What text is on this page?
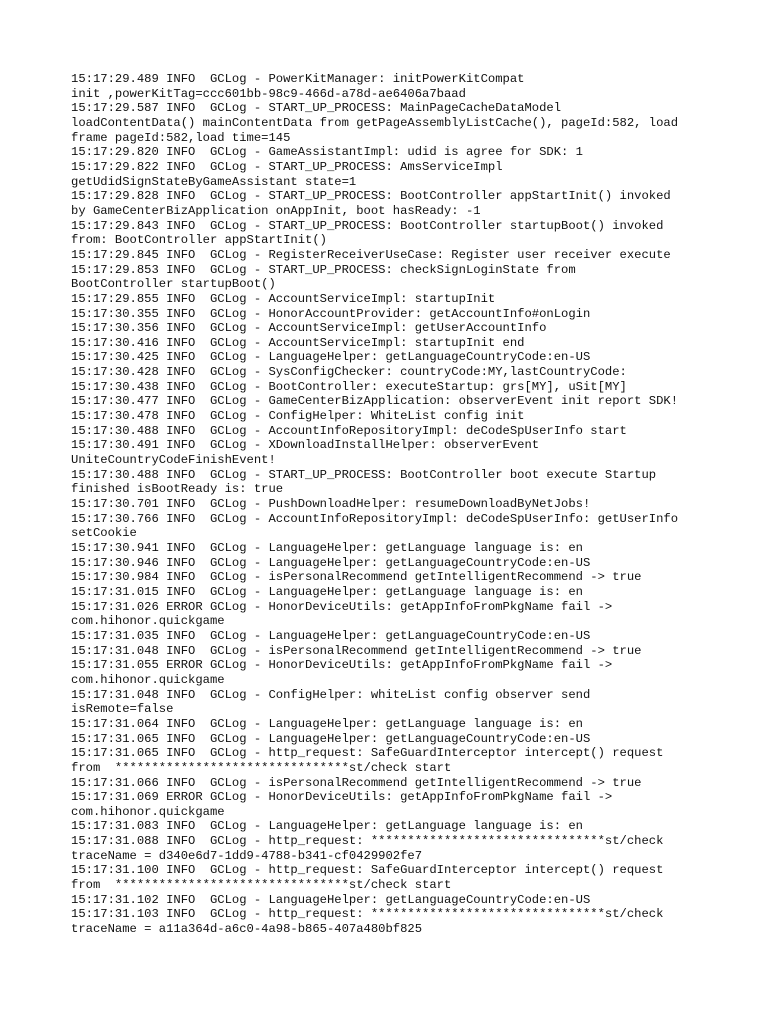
15:17:29.489 INFO  GCLog - PowerKitManager: initPowerKitCompat
init ,powerKitTag=ccc601bb-98c9-466d-a78d-ae6406a7baad
15:17:29.587 INFO  GCLog - START_UP_PROCESS: MainPageCacheDataModel
loadContentData() mainContentData from getPageAssemblyListCache(), pageId:582, load
frame pageId:582,load time=145
15:17:29.820 INFO  GCLog - GameAssistantImpl: udid is agree for SDK: 1
15:17:29.822 INFO  GCLog - START_UP_PROCESS: AmsServiceImpl
getUdidSignStateByGameAssistant state=1
15:17:29.828 INFO  GCLog - START_UP_PROCESS: BootController appStartInit() invoked
by GameCenterBizApplication onAppInit, boot hasReady: -1
15:17:29.843 INFO  GCLog - START_UP_PROCESS: BootController startupBoot() invoked
from: BootController appStartInit()
15:17:29.845 INFO  GCLog - RegisterReceiverUseCase: Register user receiver execute
15:17:29.853 INFO  GCLog - START_UP_PROCESS: checkSignLoginState from
BootController startupBoot()
15:17:29.855 INFO  GCLog - AccountServiceImpl: startupInit
15:17:30.355 INFO  GCLog - HonorAccountProvider: getAccountInfo#onLogin
15:17:30.356 INFO  GCLog - AccountServiceImpl: getUserAccountInfo
15:17:30.416 INFO  GCLog - AccountServiceImpl: startupInit end
15:17:30.425 INFO  GCLog - LanguageHelper: getLanguageCountryCode:en-US
15:17:30.428 INFO  GCLog - SysConfigChecker: countryCode:MY,lastCountryCode:
15:17:30.438 INFO  GCLog - BootController: executeStartup: grs[MY], uSit[MY]
15:17:30.477 INFO  GCLog - GameCenterBizApplication: observerEvent init report SDK!
15:17:30.478 INFO  GCLog - ConfigHelper: WhiteList config init
15:17:30.488 INFO  GCLog - AccountInfoRepositoryImpl: deCodeSpUserInfo start
15:17:30.491 INFO  GCLog - XDownloadInstallHelper: observerEvent
UniteCountryCodeFinishEvent!
15:17:30.488 INFO  GCLog - START_UP_PROCESS: BootController boot execute Startup
finished isBootReady is: true
15:17:30.701 INFO  GCLog - PushDownloadHelper: resumeDownloadByNetJobs!
15:17:30.766 INFO  GCLog - AccountInfoRepositoryImpl: deCodeSpUserInfo: getUserInfo
setCookie
15:17:30.941 INFO  GCLog - LanguageHelper: getLanguage language is: en
15:17:30.946 INFO  GCLog - LanguageHelper: getLanguageCountryCode:en-US
15:17:30.984 INFO  GCLog - isPersonalRecommend getIntelligentRecommend -> true
15:17:31.015 INFO  GCLog - LanguageHelper: getLanguage language is: en
15:17:31.026 ERROR GCLog - HonorDeviceUtils: getAppInfoFromPkgName fail ->
com.hihonor.quickgame
15:17:31.035 INFO  GCLog - LanguageHelper: getLanguageCountryCode:en-US
15:17:31.048 INFO  GCLog - isPersonalRecommend getIntelligentRecommend -> true
15:17:31.055 ERROR GCLog - HonorDeviceUtils: getAppInfoFromPkgName fail ->
com.hihonor.quickgame
15:17:31.048 INFO  GCLog - ConfigHelper: whiteList config observer send
isRemote=false
15:17:31.064 INFO  GCLog - LanguageHelper: getLanguage language is: en
15:17:31.065 INFO  GCLog - LanguageHelper: getLanguageCountryCode:en-US
15:17:31.065 INFO  GCLog - http_request: SafeGuardInterceptor intercept() request
from  ********************************st/check start
15:17:31.066 INFO  GCLog - isPersonalRecommend getIntelligentRecommend -> true
15:17:31.069 ERROR GCLog - HonorDeviceUtils: getAppInfoFromPkgName fail ->
com.hihonor.quickgame
15:17:31.083 INFO  GCLog - LanguageHelper: getLanguage language is: en
15:17:31.088 INFO  GCLog - http_request: ********************************st/check
traceName = d340e6d7-1dd9-4788-b341-cf0429902fe7
15:17:31.100 INFO  GCLog - http_request: SafeGuardInterceptor intercept() request
from  ********************************st/check start
15:17:31.102 INFO  GCLog - LanguageHelper: getLanguageCountryCode:en-US
15:17:31.103 INFO  GCLog - http_request: ********************************st/check
traceName = a11a364d-a6c0-4a98-b865-407a480bf825
